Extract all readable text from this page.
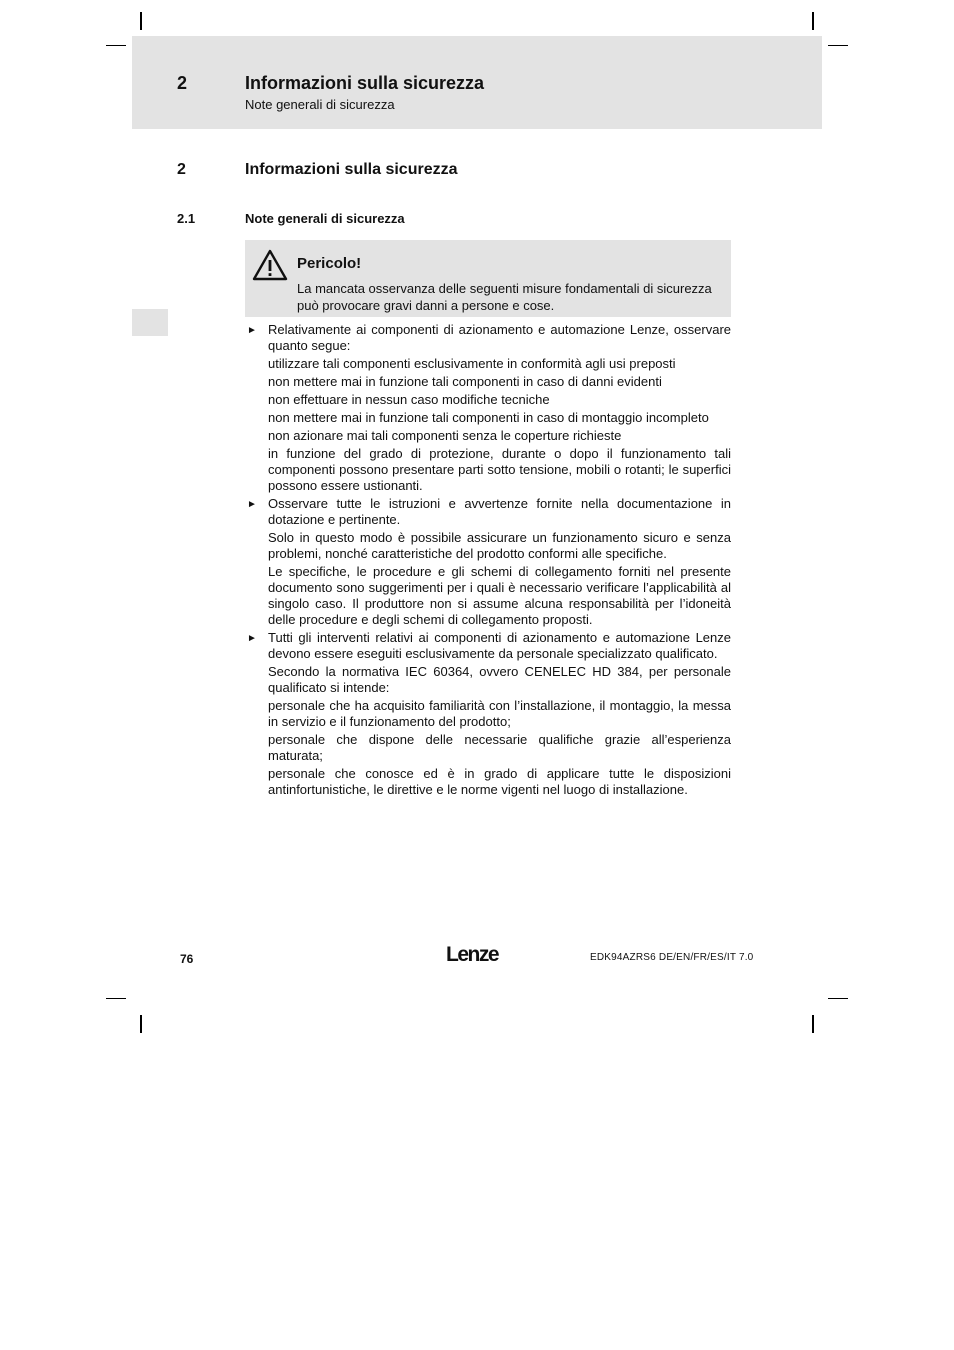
2	Informazioni sulla sicurezza
Note generali di sicurezza
2	Informazioni sulla sicurezza
2.1	Note generali di sicurezza
Pericolo!
La mancata osservanza delle seguenti misure fondamentali di sicurezza può provocare gravi danni a persone e cose.

► Relativamente ai componenti di azionamento e automazione Lenze, osservare quanto segue:

utilizzare tali componenti esclusivamente in conformità agli usi preposti

non mettere mai in funzione tali componenti in caso di danni evidenti

non effettuare in nessun caso modifiche tecniche

non mettere mai in funzione tali componenti in caso di montaggio incompleto

non azionare mai tali componenti senza le coperture richieste

in funzione del grado di protezione, durante o dopo il funzionamento tali componenti possono presentare parti sotto tensione, mobili o rotanti; le superfici possono essere ustionanti.

► Osservare tutte le istruzioni e avvertenze fornite nella documentazione in dotazione e pertinente.

Solo in questo modo è possibile assicurare un funzionamento sicuro e senza problemi, nonché caratteristiche del prodotto conformi alle specifiche.

Le specifiche, le procedure e gli schemi di collegamento forniti nel presente documento sono suggerimenti per i quali è necessario verificare l’applicabilità al singolo caso. Il produttore non si assume alcuna responsabilità per l’idoneità delle procedure e degli schemi di collegamento proposti.

► Tutti gli interventi relativi ai componenti di azionamento e automazione Lenze devono essere eseguiti esclusivamente da personale specializzato qualificato.

Secondo la normativa IEC 60364, ovvero CENELEC HD 384, per personale qualificato si intende:

personale che ha acquisito familiarità con l’installazione, il montaggio, la messa in servizio e il funzionamento del prodotto;

personale che dispone delle necessarie qualifiche grazie all’esperienza maturata;

personale che conosce ed è in grado di applicare tutte le disposizioni antinfortunistiche, le direttive e le norme vigenti nel luogo di installazione.

76	Lenze	EDK94AZRS6 DE/EN/FR/ES/IT 7.0
